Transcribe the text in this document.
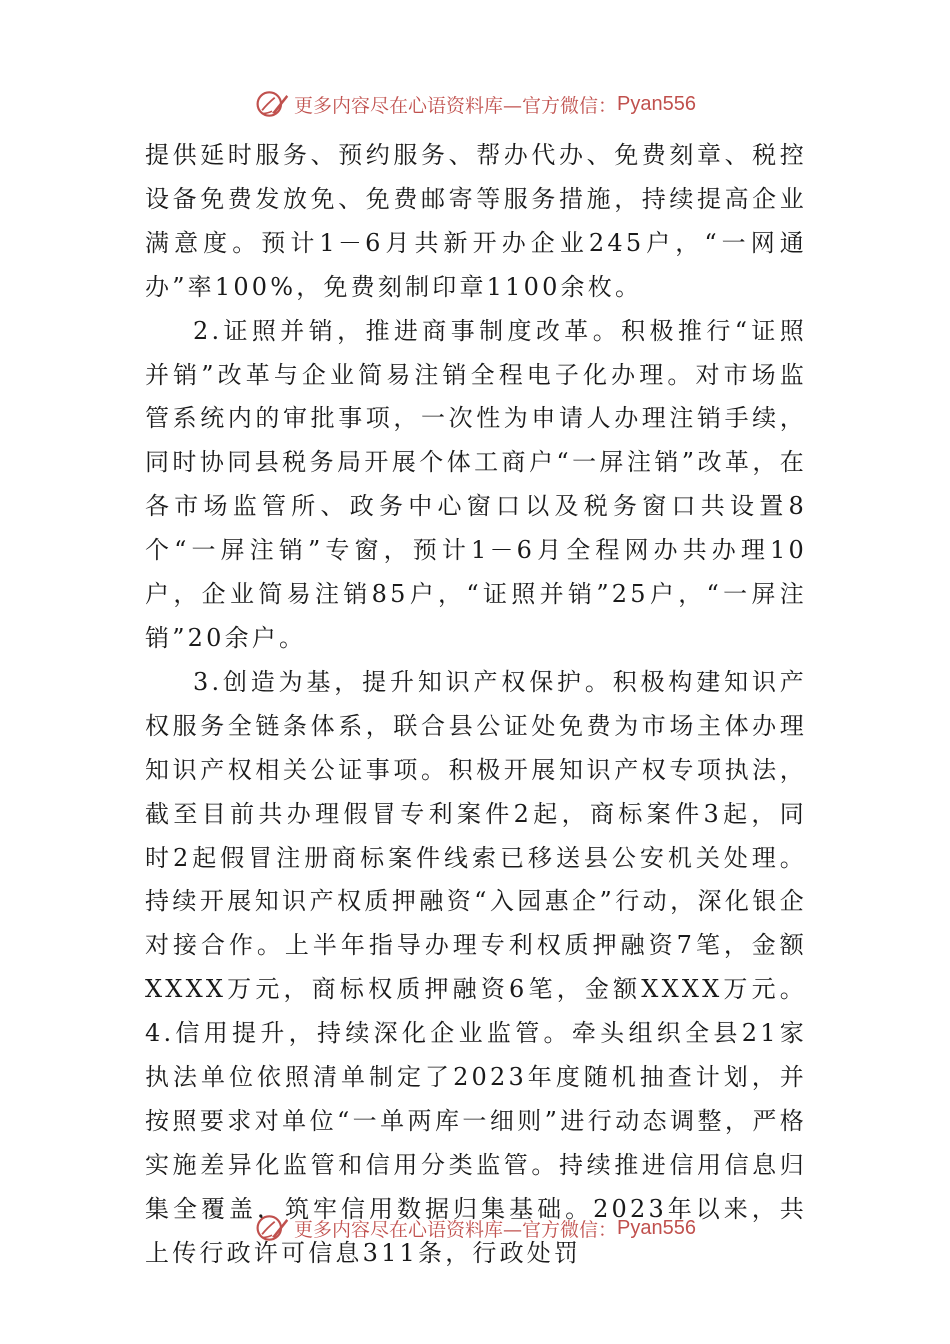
更多内容尽在心语资料库— 官方微信： Pyan556

提供延时服务、预约服务、帮办代办、免费刻章、税控设备免费发放免、免费邮寄等服务措施，持续提高企业满意度。预计1－6月共新开办企业245户，“一网通办”率100%，免费刻制印章1100余枚。

2.证照并销，推进商事制度改革。积极推行“证照并销”改革与企业简易注销全程电子化办理。对市场监管系统内的审批事项，一次性为申请人办理注销手续，同时协同县税务局开展个体工商户“一屏注销”改革，在各市场监管所、政务中心窗口以及税务窗口共设置8个“一屏注销”专窗，预计1－6月全程网办共办理10户，企业简易注销85户，“证照并销”25户，“一屏注销”20余户。

3.创造为基，提升知识产权保护。积极构建知识产权服务全链条体系，联合县公证处免费为市场主体办理知识产权相关公证事项。积极开展知识产权专项执法，截至目前共办理假冒专利案件2起，商标案件3起，同时2起假冒注册商标案件线索已移送县公安机关处理。持续开展知识产权质押融资“入园惠企”行动，深化银企对接合作。上半年指导办理专利权质押融资7笔，金额XXXX万元，商标权质押融资6笔，金额XXXX万元。4.信用提升，持续深化企业监管。牵头组织全县21家执法单位依照清单制定了2023年度随机抽查计划，并按照要求对单位“一单两库一细则”进行动态调整，严格实施差异化监管和信用分类监管。持续推进信用信息归集全覆盖，筑牢信用数据归集基础。2023年以来，共上传行政许可信息311条，行政处罚

更多内容尽在心语资料库— 官方微信： Pyan556
